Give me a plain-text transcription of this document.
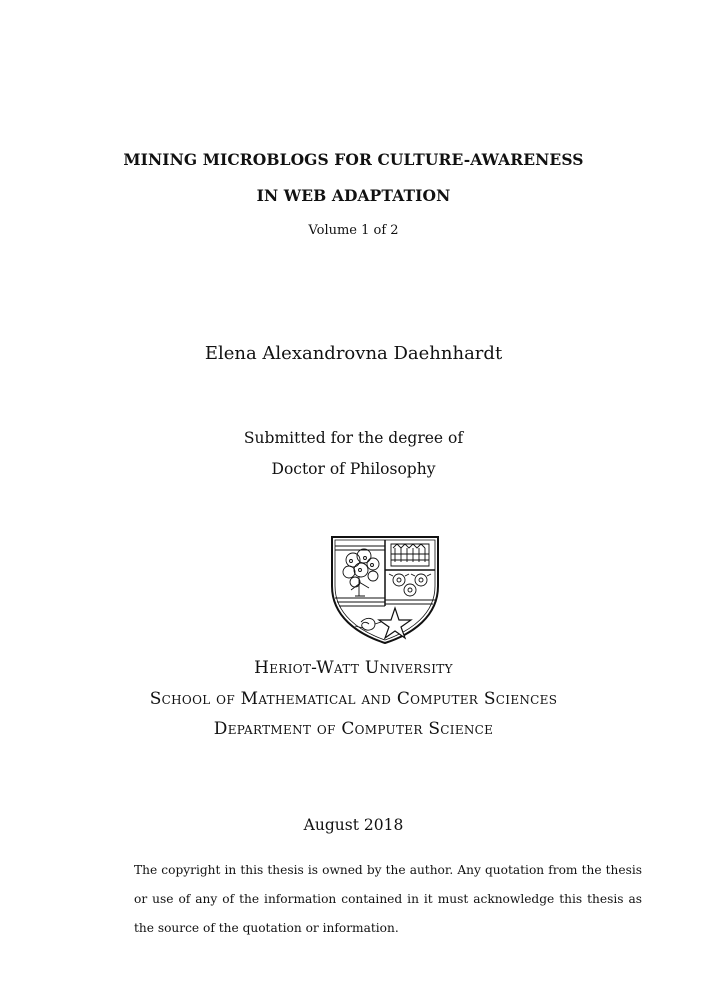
MINING MICROBLOGS FOR CULTURE-AWARENESS
IN WEB ADAPTATION
Volume 1 of 2
Elena Alexandrovna Daehnhardt
Submitted for the degree of
Doctor of Philosophy
Heriot-Watt University
School of Mathematical and Computer Sciences
Department of Computer Science
August 2018
The copyright in this thesis is owned by the author. Any quotation from the thesis or use of any of the information contained in it must acknowledge this thesis as the source of the quotation or information.
